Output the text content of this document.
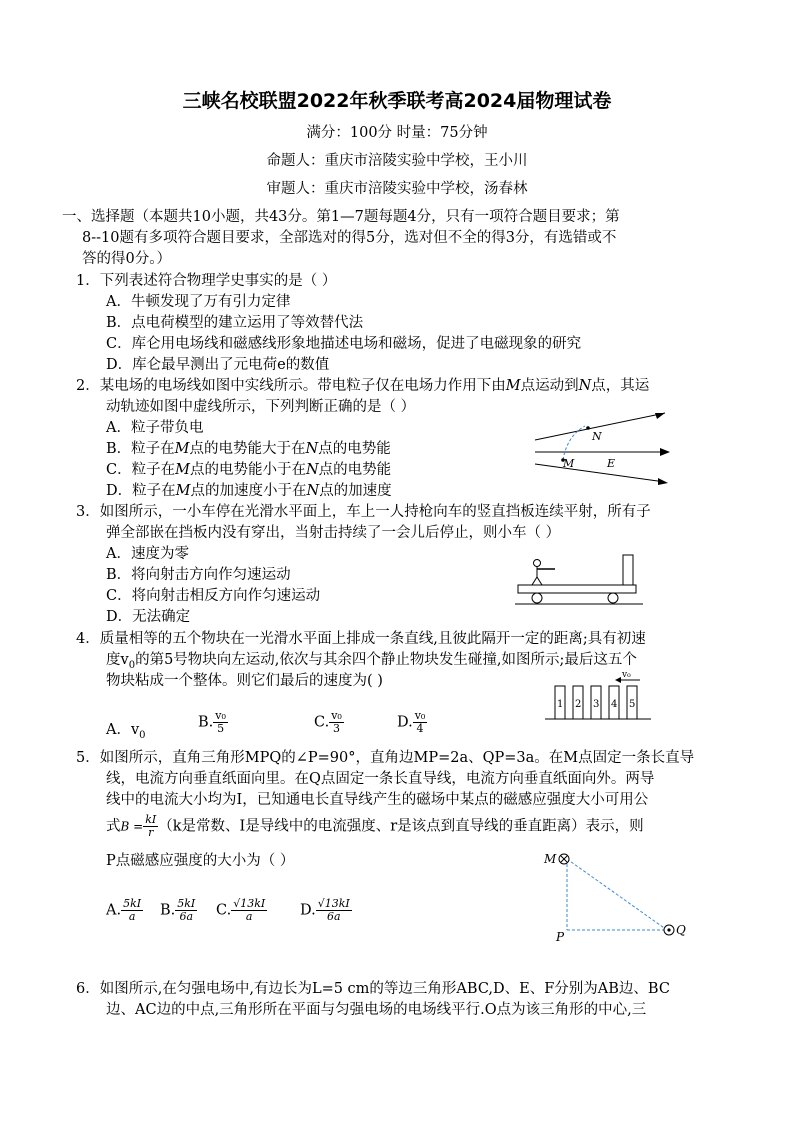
三峡名校联盟2022年秋季联考高2024届物理试卷
满分：100分 时量：75分钟
命题人：重庆市涪陵实验中学校，王小川
审题人：重庆市涪陵实验中学校，汤春林
一、选择题（本题共10小题，共43分。第1—7题每题4分，只有一项符合题目要求；第
8--10题有多项符合题目要求，全部选对的得5分，选对但不全的得3分，有选错或不
答的得0分。）
1．下列表述符合物理学史事实的是（ ）
A．牛顿发现了万有引力定律
B．点电荷模型的建立运用了等效替代法
C．库仑用电场线和磁感线形象地描述电场和磁场，促进了电磁现象的研究
D．库仑最早测出了元电荷e的数值
2．某电场的电场线如图中实线所示。带电粒子仅在电场力作用下由M点运动到N点，其运
动轨迹如图中虚线所示，下列判断正确的是（ ）
A．粒子带负电
B．粒子在M点的电势能大于在N点的电势能
C．粒子在M点的电势能小于在N点的电势能
D．粒子在M点的加速度小于在N点的加速度
N
M	E
3．如图所示，一小车停在光滑水平面上，车上一人持枪向车的竖直挡板连续平射，所有子
弹全部嵌在挡板内没有穿出，当射击持续了一会儿后停止，则小车（ ）
A．速度为零
B．将向射击方向作匀速运动
C．将向射击相反方向作匀速运动
D．无法确定
4．质量相等的五个物块在一光滑水平面上排成一条直线,且彼此隔开一定的距离;具有初速
度$v_0$的第5号物块向左运动,依次与其余四个静止物块发生碰撞,如图所示;最后这五个
物块粘成一个整体。则它们最后的速度为( )
A．$v_0$
B. $\frac{\text{v₀}}{5}$	C. $\frac{\text{v₀}}{3}$	D. $\frac{\text{v₀}}{4}$
v₀
1 2 3 4 5
5．如图所示，直角三角形MPQ的∠P=90°，直角边MP=2a、QP=3a。在M点固定一条长直导
线，电流方向垂直纸面向里。在Q点固定一条长直导线，电流方向垂直纸面向外。两导
线中的电流大小均为I，已知通电长直导线产生的磁场中某点的磁感应强度大小可用公
式$B = \frac{kI}{r} (k$是常数、I是导线中的电流强度、r是该点到直导线的垂直距离）表示，则
P点磁感应强度的大小为（ ）
A. $\frac{5kI}{a} B$. $\frac{5kI}{6a} C$. $\frac{√13kI}{a} D$. $\frac{√13kI}{6a}$
M
P	Q
6．如图所示,在匀强电场中,有边长为L=5 cm的等边三角形ABC,D、E、F分别为AB边、BC
边、AC边的中点,三角形所在平面与匀强电场的电场线平行.O点为该三角形的中心,三
